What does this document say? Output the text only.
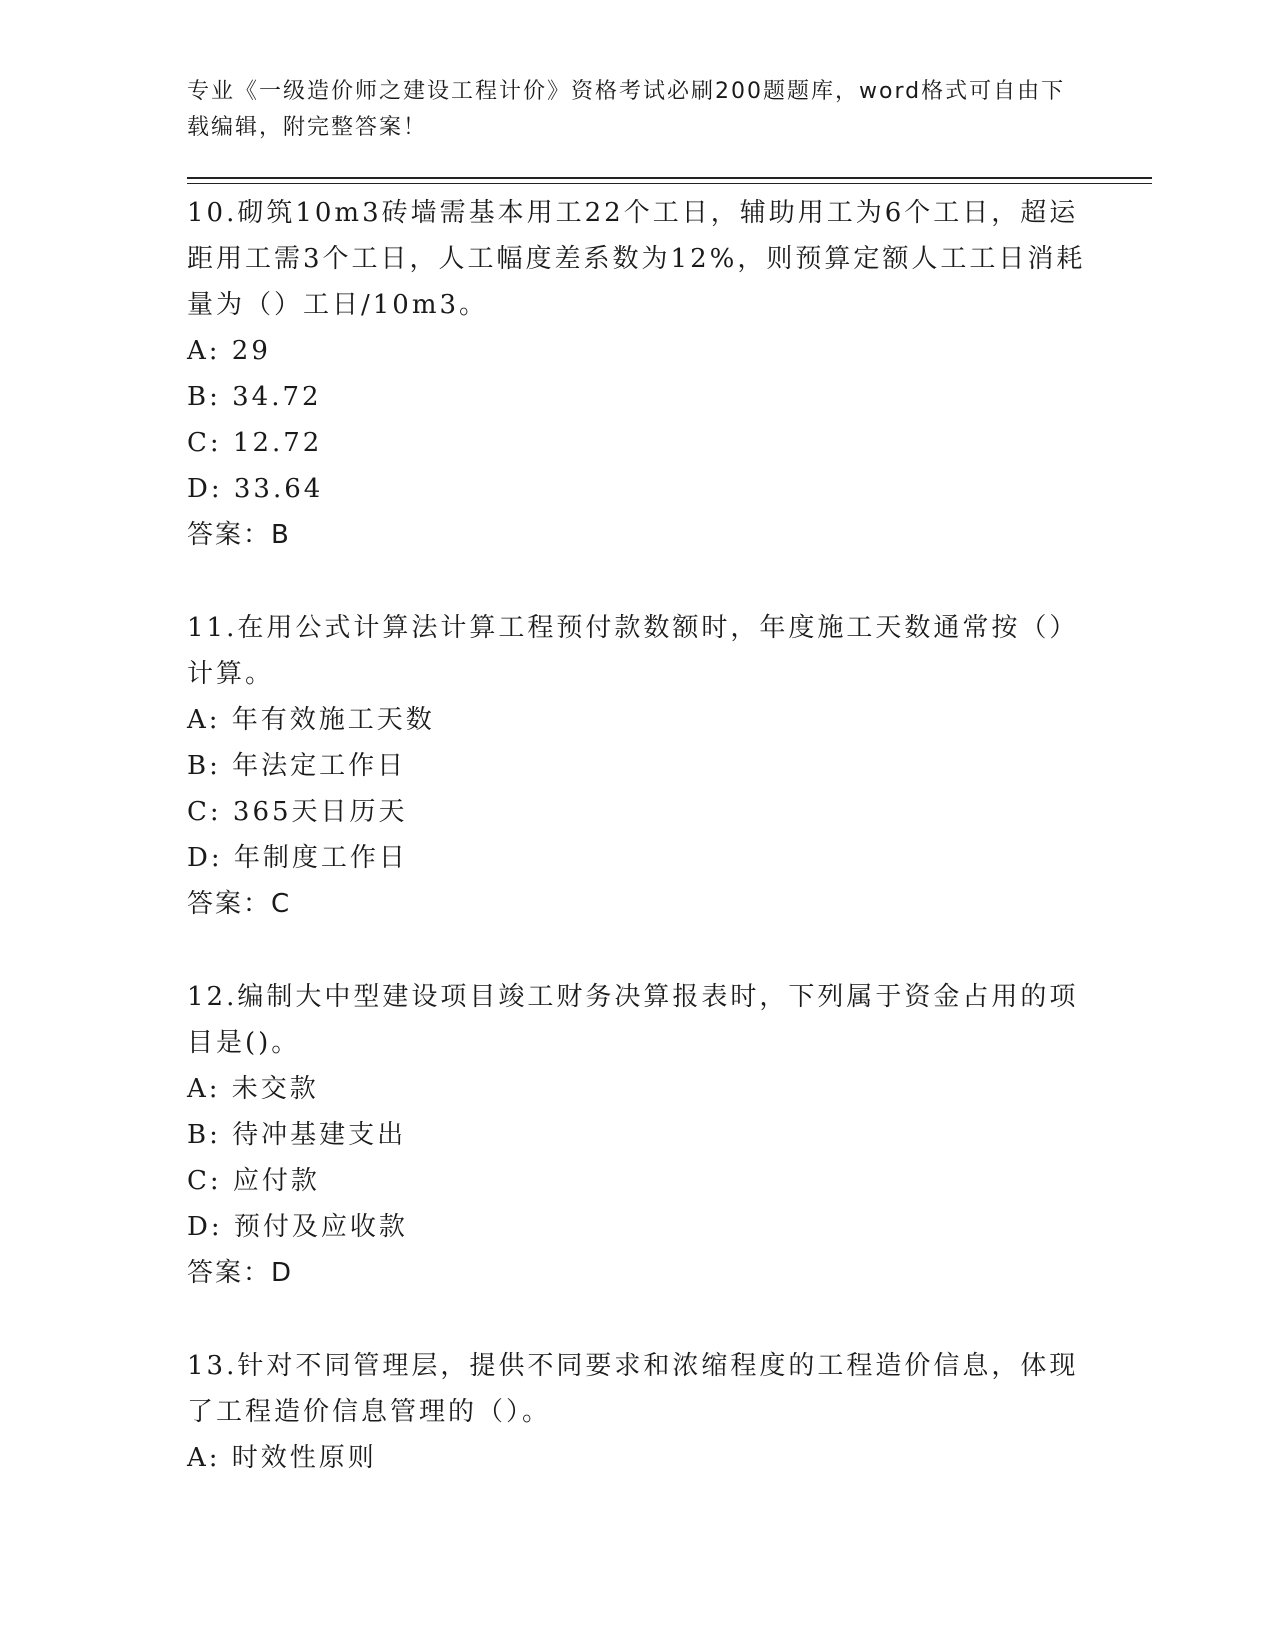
专业《一级造价师之建设工程计价》资格考试必刷200题题库，word格式可自由下载编辑，附完整答案！
10.砌筑10m3砖墙需基本用工22个工日，辅助用工为6个工日，超运距用工需3个工日，人工幅度差系数为12%，则预算定额人工工日消耗量为（）工日/10m3。
A: 29
B: 34.72
C: 12.72
D: 33.64
答案：B
11.在用公式计算法计算工程预付款数额时，年度施工天数通常按（）计算。
A: 年有效施工天数
B: 年法定工作日
C: 365天日历天
D: 年制度工作日
答案：C
12.编制大中型建设项目竣工财务决算报表时，下列属于资金占用的项目是()。
A: 未交款
B: 待冲基建支出
C: 应付款
D: 预付及应收款
答案：D
13.针对不同管理层，提供不同要求和浓缩程度的工程造价信息，体现了工程造价信息管理的（）。
A: 时效性原则
